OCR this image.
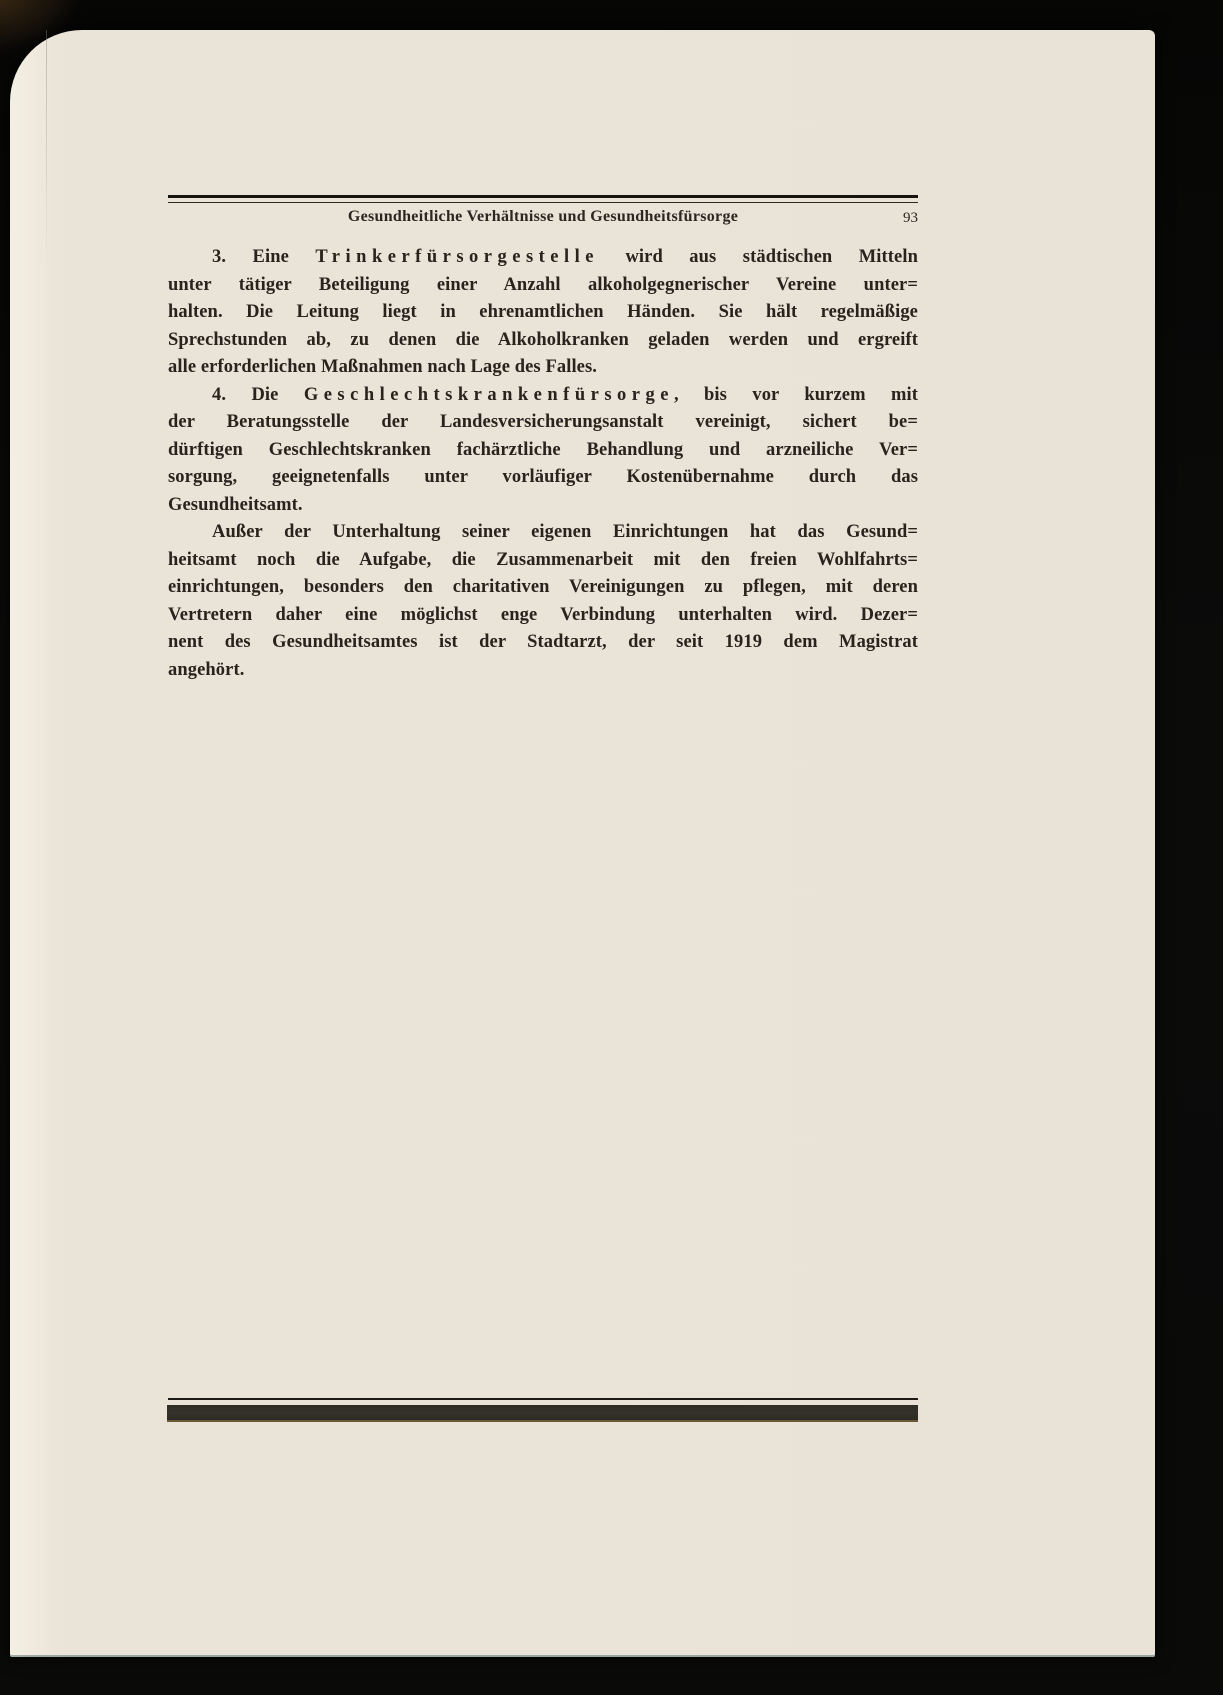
Gesundheitliche Verhältnisse und Gesundheitsfürsorge	93
3. Eine Trinkerfürsorgestelle wird aus städtischen Mitteln
unter tätiger Beteiligung einer Anzahl alkoholgegnerischer Vereine unter=
halten. Die Leitung liegt in ehrenamtlichen Händen. Sie hält regelmäßige
Sprechstunden ab, zu denen die Alkoholkranken geladen werden und ergreift
alle erforderlichen Maßnahmen nach Lage des Falles.
4. Die Geschlechtskrankenfürsorge, bis vor kurzem mit
der Beratungsstelle der Landesversicherungsanstalt vereinigt, sichert be=
dürftigen Geschlechtskranken fachärztliche Behandlung und arzneiliche Ver=
sorgung, geeignetenfalls unter vorläufiger Kostenübernahme durch das
Gesundheitsamt.
Außer der Unterhaltung seiner eigenen Einrichtungen hat das Gesund=
heitsamt noch die Aufgabe, die Zusammenarbeit mit den freien Wohlfahrts=
einrichtungen, besonders den charitativen Vereinigungen zu pflegen, mit deren
Vertretern daher eine möglichst enge Verbindung unterhalten wird. Dezer=
nent des Gesundheitsamtes ist der Stadtarzt, der seit 1919 dem Magistrat
angehört.
